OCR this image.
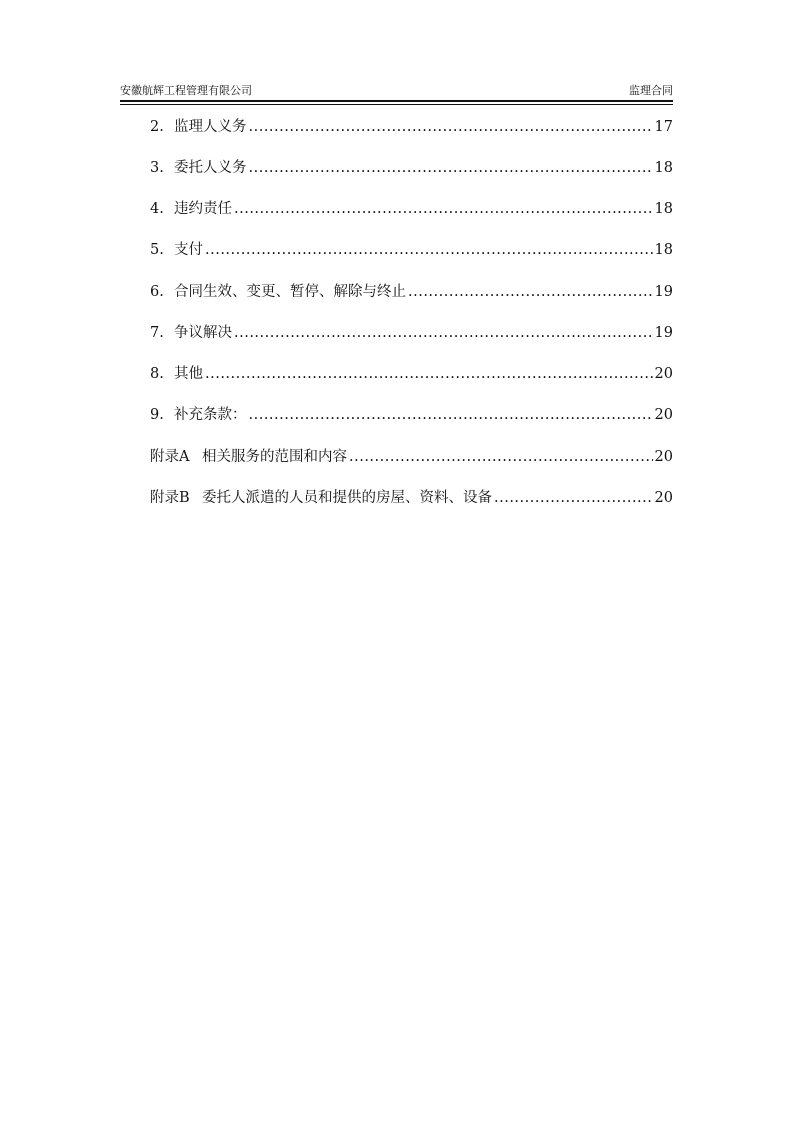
安徽航辉工程管理有限公司	监理合同
2. 监理人义务 .....	17
3. 委托人义务 .....	18
4. 违约责任 .....	18
5. 支付 .....	18
6. 合同生效、变更、暂停、解除与终止 .....	19
7. 争议解决 .....	19
8. 其他 .....	20
9. 补充条款： .....	20
附录A 相关服务的范围和内容 .....	20
附录B 委托人派遣的人员和提供的房屋、资料、设备 .....	20
